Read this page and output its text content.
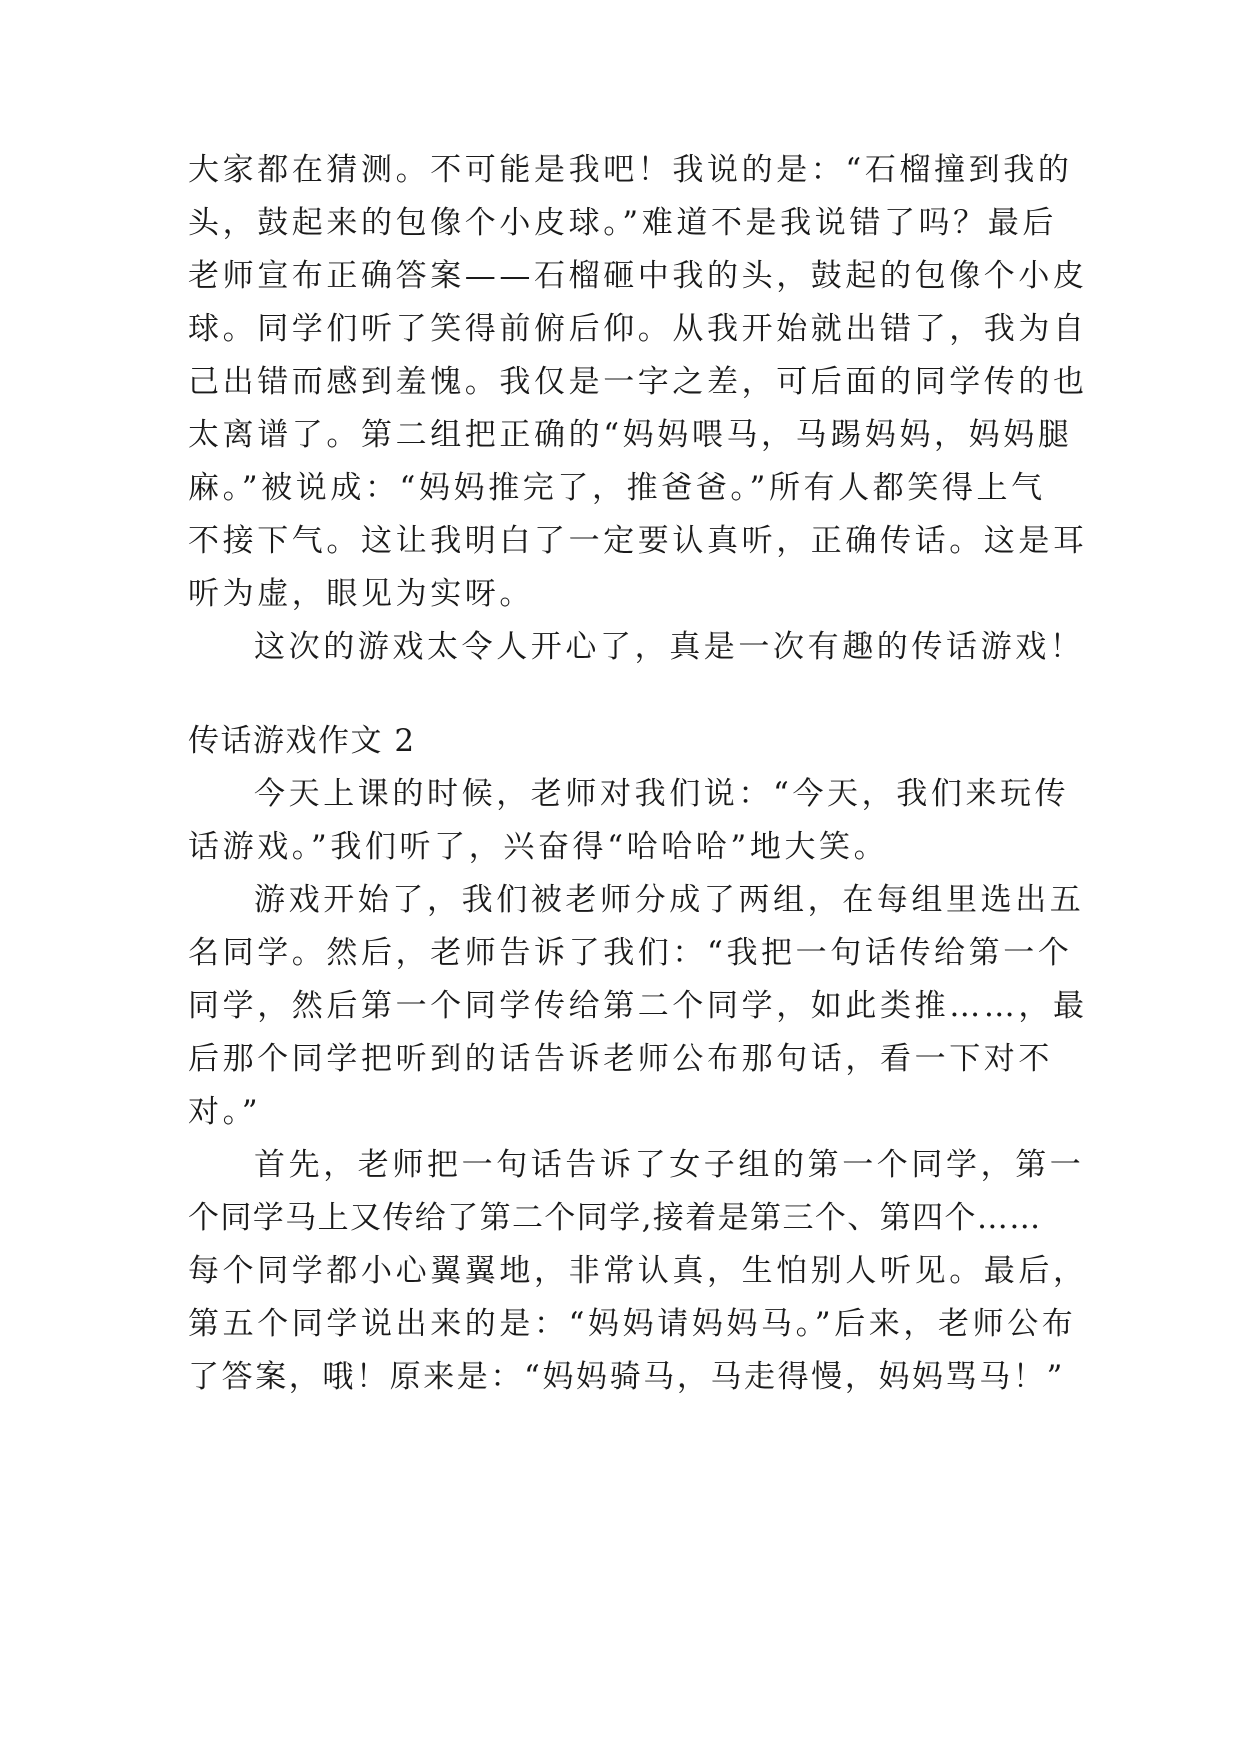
大家都在猜测。不可能是我吧！我说的是：“石榴撞到我的
头，鼓起来的包像个小皮球。”难道不是我说错了吗？最后
老师宣布正确答案——石榴砸中我的头，鼓起的包像个小皮
球。同学们听了笑得前俯后仰。从我开始就出错了，我为自
己出错而感到羞愧。我仅是一字之差，可后面的同学传的也
太离谱了。第二组把正确的“妈妈喂马，马踢妈妈，妈妈腿
麻。”被说成：“妈妈推完了，推爸爸。”所有人都笑得上气
不接下气。这让我明白了一定要认真听，正确传话。这是耳
听为虚，眼见为实呀。
这次的游戏太令人开心了，真是一次有趣的传话游戏！
传话游戏作文 2
今天上课的时候，老师对我们说：“今天，我们来玩传
话游戏。”我们听了，兴奋得“哈哈哈”地大笑。
游戏开始了，我们被老师分成了两组，在每组里选出五
名同学。然后，老师告诉了我们：“我把一句话传给第一个
同学，然后第一个同学传给第二个同学，如此类推……，最
后那个同学把听到的话告诉老师公布那句话，看一下对不
对。”
首先，老师把一句话告诉了女子组的第一个同学，第一
个同学马上又传给了第二个同学,接着是第三个、第四个……
每个同学都小心翼翼地，非常认真，生怕别人听见。最后，
第五个同学说出来的是：“妈妈请妈妈马。”后来，老师公布
了答案，哦！原来是：“妈妈骑马，马走得慢，妈妈骂马！”
